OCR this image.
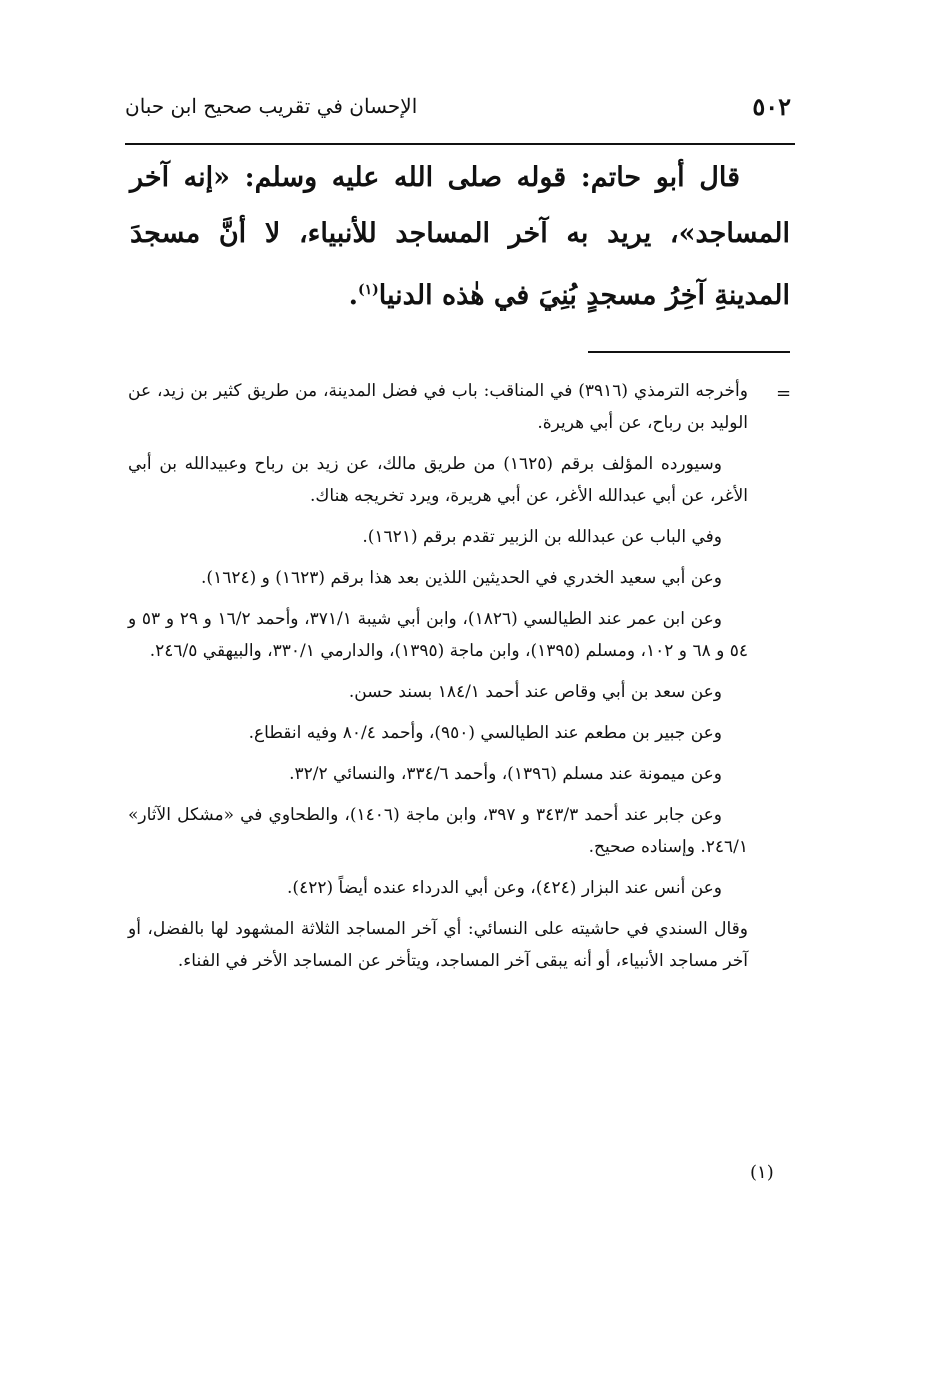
٥٠٢
الإحسان في تقريب صحيح ابن حبان

قال أبو حاتم: قوله صلى الله عليه وسلم: «إنه آخر المساجد»، يريد به آخر المساجد للأنبياء، لا أنَّ مسجدَ المدينةِ آخِرُ مسجدٍ بُنِيَ في هٰذه الدنيا$^{(١)}$.

=

وأخرجه الترمذي (٣٩١٦) في المناقب: باب في فضل المدينة، من طريق كثير بن زيد، عن الوليد بن رباح، عن أبي هريرة.

وسيورده المؤلف برقم (١٦٢٥) من طريق مالك، عن زيد بن رباح وعبيدالله بن أبي الأغر، عن أبي عبدالله الأغر، عن أبي هريرة، ويرد تخريجه هناك.

وفي الباب عن عبدالله بن الزبير تقدم برقم (١٦٢١).

وعن أبي سعيد الخدري في الحديثين اللذين بعد هذا برقم (١٦٢٣) و (١٦٢٤).

وعن ابن عمر عند الطيالسي (١٨٢٦)، وابن أبي شيبة ٣٧١/١، وأحمد ١٦/٢ و ٢٩ و ٥٣ و ٥٤ و ٦٨ و ١٠٢، ومسلم (١٣٩٥)، وابن ماجة (١٣٩٥)، والدارمي ٣٣٠/١، والبيهقي ٢٤٦/٥.

وعن سعد بن أبي وقاص عند أحمد ١٨٤/١ بسند حسن.

وعن جبير بن مطعم عند الطيالسي (٩٥٠)، وأحمد ٨٠/٤ وفيه انقطاع.

وعن ميمونة عند مسلم (١٣٩٦)، وأحمد ٣٣٤/٦، والنسائي ٣٢/٢.

وعن جابر عند أحمد ٣٤٣/٣ و ٣٩٧، وابن ماجة (١٤٠٦)، والطحاوي في «مشكل الآثار» ٢٤٦/١. وإسناده صحيح.

وعن أنس عند البزار (٤٢٤)، وعن أبي الدرداء عنده أيضاً (٤٢٢).

وقال السندي في حاشيته على النسائي: أي آخر المساجد الثلاثة المشهود لها بالفضل، أو آخر مساجد الأنبياء، أو أنه يبقى آخر المساجد، ويتأخر عن المساجد الأخر في الفناء.

(١)
